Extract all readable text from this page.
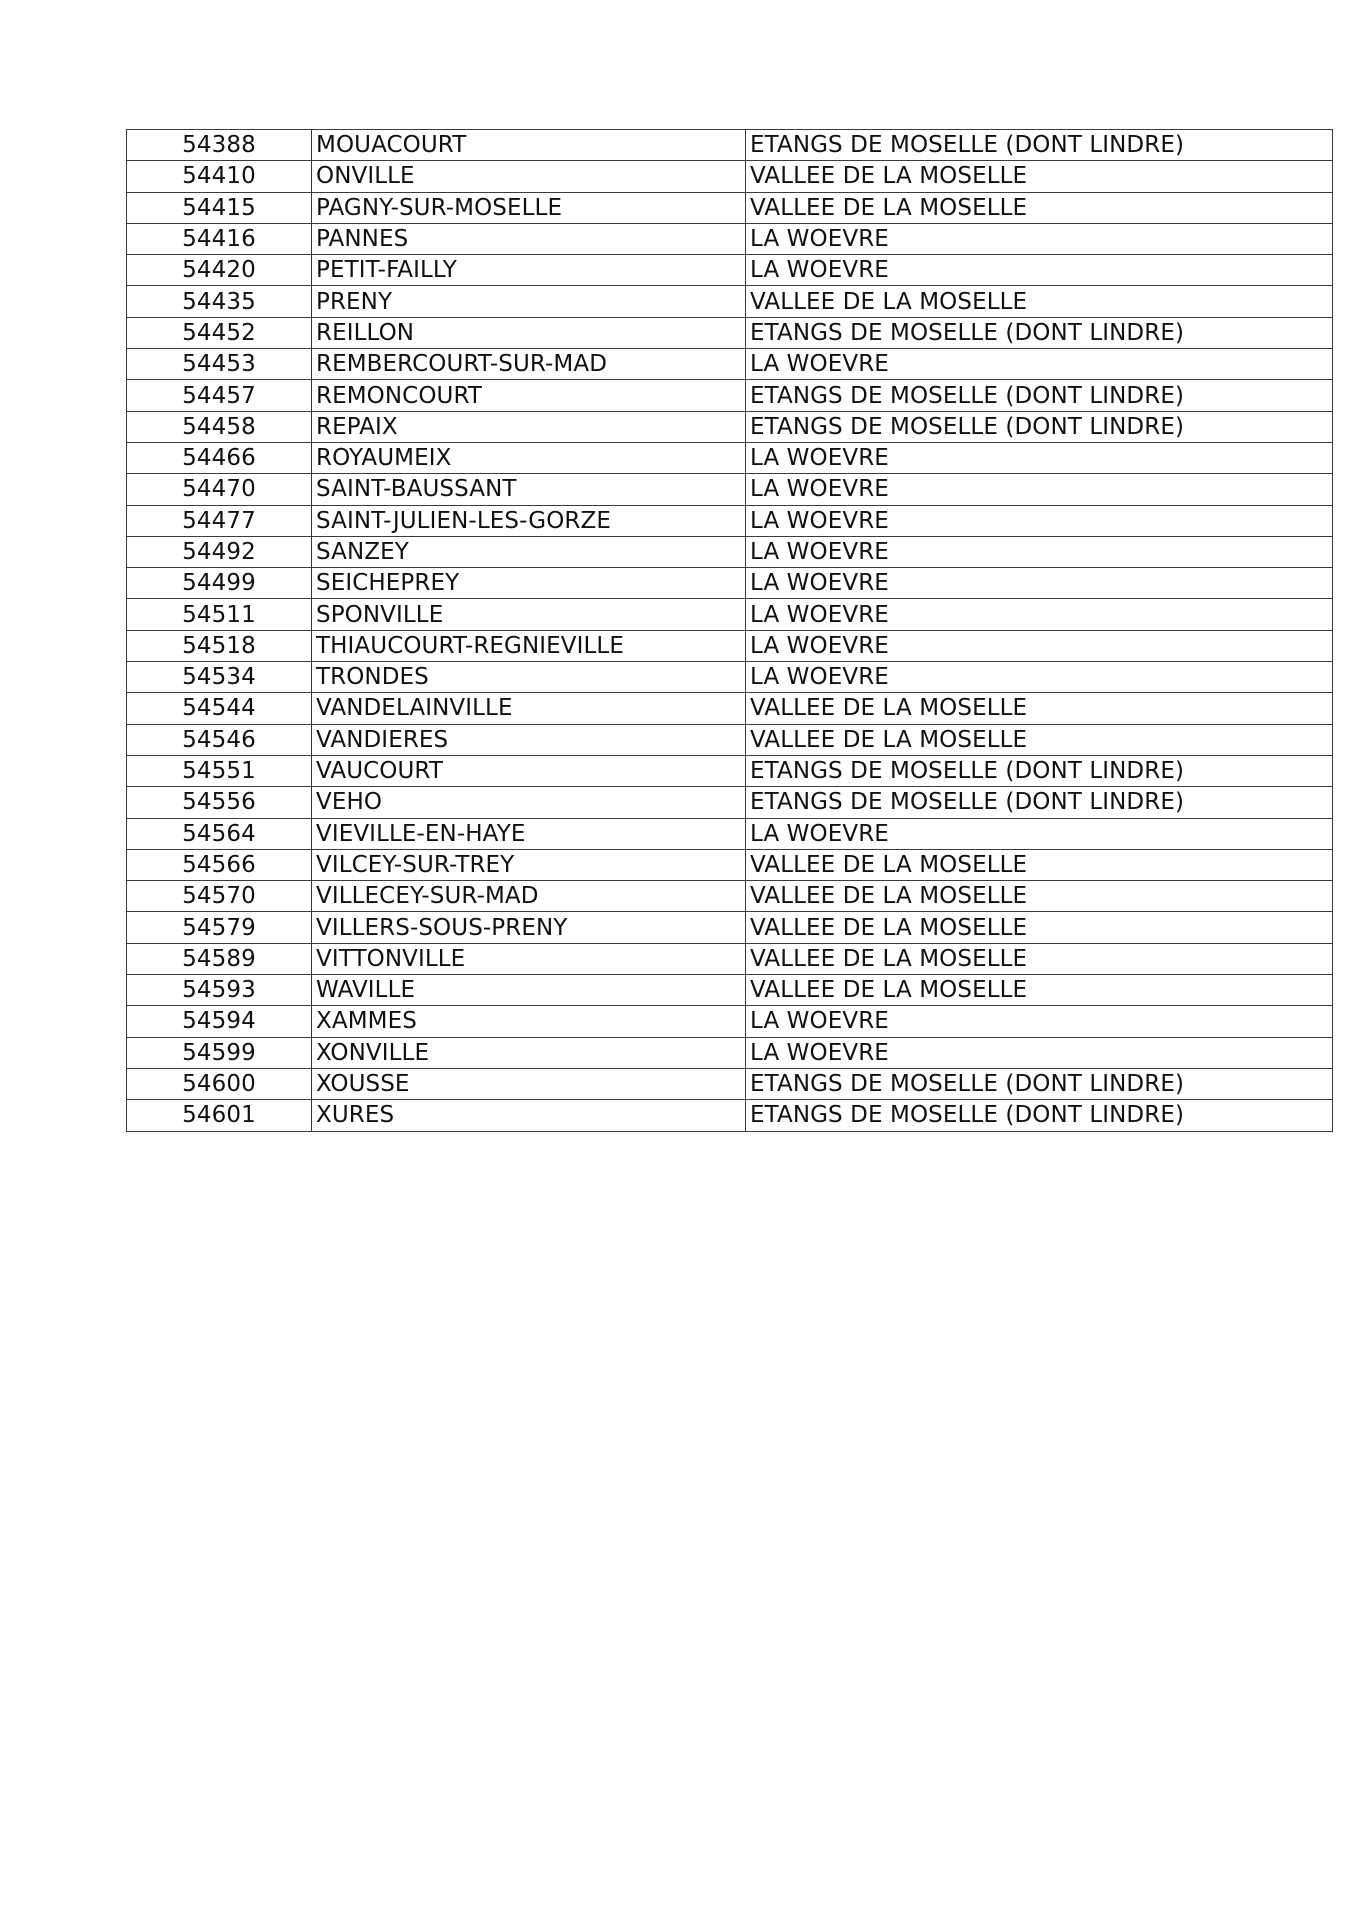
54388	MOUACOURT	ETANGS DE MOSELLE (DONT LINDRE)
54410	ONVILLE	VALLEE DE LA MOSELLE
54415	PAGNY-SUR-MOSELLE	VALLEE DE LA MOSELLE
54416	PANNES	LA WOEVRE
54420	PETIT-FAILLY	LA WOEVRE
54435	PRENY	VALLEE DE LA MOSELLE
54452	REILLON	ETANGS DE MOSELLE (DONT LINDRE)
54453	REMBERCOURT-SUR-MAD	LA WOEVRE
54457	REMONCOURT	ETANGS DE MOSELLE (DONT LINDRE)
54458	REPAIX	ETANGS DE MOSELLE (DONT LINDRE)
54466	ROYAUMEIX	LA WOEVRE
54470	SAINT-BAUSSANT	LA WOEVRE
54477	SAINT-JULIEN-LES-GORZE	LA WOEVRE
54492	SANZEY	LA WOEVRE
54499	SEICHEPREY	LA WOEVRE
54511	SPONVILLE	LA WOEVRE
54518	THIAUCOURT-REGNIEVILLE	LA WOEVRE
54534	TRONDES	LA WOEVRE
54544	VANDELAINVILLE	VALLEE DE LA MOSELLE
54546	VANDIERES	VALLEE DE LA MOSELLE
54551	VAUCOURT	ETANGS DE MOSELLE (DONT LINDRE)
54556	VEHO	ETANGS DE MOSELLE (DONT LINDRE)
54564	VIEVILLE-EN-HAYE	LA WOEVRE
54566	VILCEY-SUR-TREY	VALLEE DE LA MOSELLE
54570	VILLECEY-SUR-MAD	VALLEE DE LA MOSELLE
54579	VILLERS-SOUS-PRENY	VALLEE DE LA MOSELLE
54589	VITTONVILLE	VALLEE DE LA MOSELLE
54593	WAVILLE	VALLEE DE LA MOSELLE
54594	XAMMES	LA WOEVRE
54599	XONVILLE	LA WOEVRE
54600	XOUSSE	ETANGS DE MOSELLE (DONT LINDRE)
54601	XURES	ETANGS DE MOSELLE (DONT LINDRE)
